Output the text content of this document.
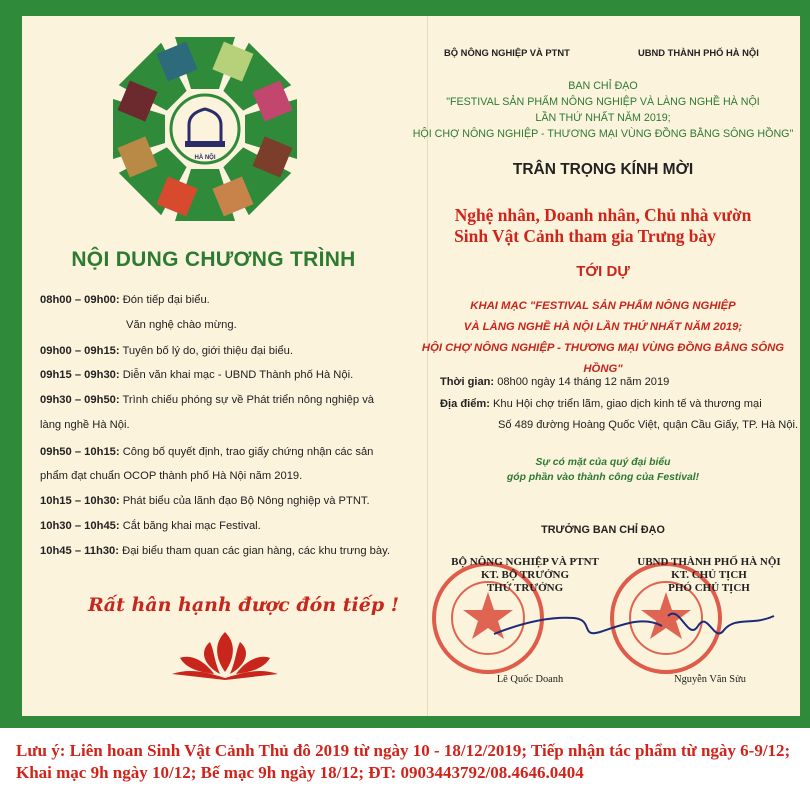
HÀ NỘI
NỘI DUNG CHƯƠNG TRÌNH
08h00 – 09h00: Đón tiếp đại biểu.
Văn nghệ chào mừng.
09h00 – 09h15: Tuyên bố lý do, giới thiệu đại biểu.
09h15 – 09h30: Diễn văn khai mạc - UBND Thành phố Hà Nội.
09h30 – 09h50: Trình chiếu phóng sự về Phát triển nông nghiệp và
làng nghề Hà Nội.
09h50 – 10h15: Công bố quyết định, trao giấy chứng nhận các sản
phẩm đạt chuẩn OCOP thành phố Hà Nội năm 2019.
10h15 – 10h30: Phát biểu của lãnh đạo Bộ Nông nghiệp và PTNT.
10h30 – 10h45: Cắt băng khai mạc Festival.
10h45 – 11h30: Đại biểu tham quan các gian hàng, các khu trưng bày.
Rất hân hạnh được đón tiếp !
BỘ NÔNG NGHIỆP VÀ PTNT	UBND THÀNH PHỐ HÀ NỘI
BAN CHỈ ĐẠO
"FESTIVAL SẢN PHẨM NÔNG NGHIỆP VÀ LÀNG NGHỀ HÀ NỘI
LẦN THỨ NHẤT NĂM 2019;
HỘI CHỢ NÔNG NGHIỆP - THƯƠNG MẠI VÙNG ĐỒNG BẰNG SÔNG HỒNG"
TRÂN TRỌNG KÍNH MỜI
Nghệ nhân, Doanh nhân, Chủ nhà vườn
Sinh Vật Cảnh tham gia Trưng bày
TỚI DỰ
KHAI MẠC "FESTIVAL SẢN PHẨM NÔNG NGHIỆP
VÀ LÀNG NGHỀ HÀ NỘI LẦN THỨ NHẤT NĂM 2019;
HỘI CHỢ NÔNG NGHIỆP - THƯƠNG MẠI VÙNG ĐỒNG BẰNG SÔNG HỒNG"
Thời gian: 08h00 ngày 14 tháng 12 năm 2019
Địa điểm: Khu Hội chợ triển lãm, giao dịch kinh tế và thương mại
Số 489 đường Hoàng Quốc Việt, quận Cầu Giấy, TP. Hà Nội.
Sự có mặt của quý đại biểu
góp phần vào thành công của Festival!
TRƯỞNG BAN CHỈ ĐẠO
BỘ NÔNG NGHIỆP VÀ PTNT
KT. BỘ TRƯỞNG
THỨ TRƯỞNG
UBND THÀNH PHỐ HÀ NỘI
KT. CHỦ TỊCH
PHÓ CHỦ TỊCH
Lê Quốc Doanh	Nguyễn Văn Sửu
Lưu ý: Liên hoan Sinh Vật Cảnh Thủ đô 2019 từ ngày 10 - 18/12/2019; Tiếp nhận tác phẩm từ ngày 6-9/12; Khai mạc 9h ngày 10/12; Bế mạc 9h ngày 18/12; ĐT: 0903443792/08.4646.0404
